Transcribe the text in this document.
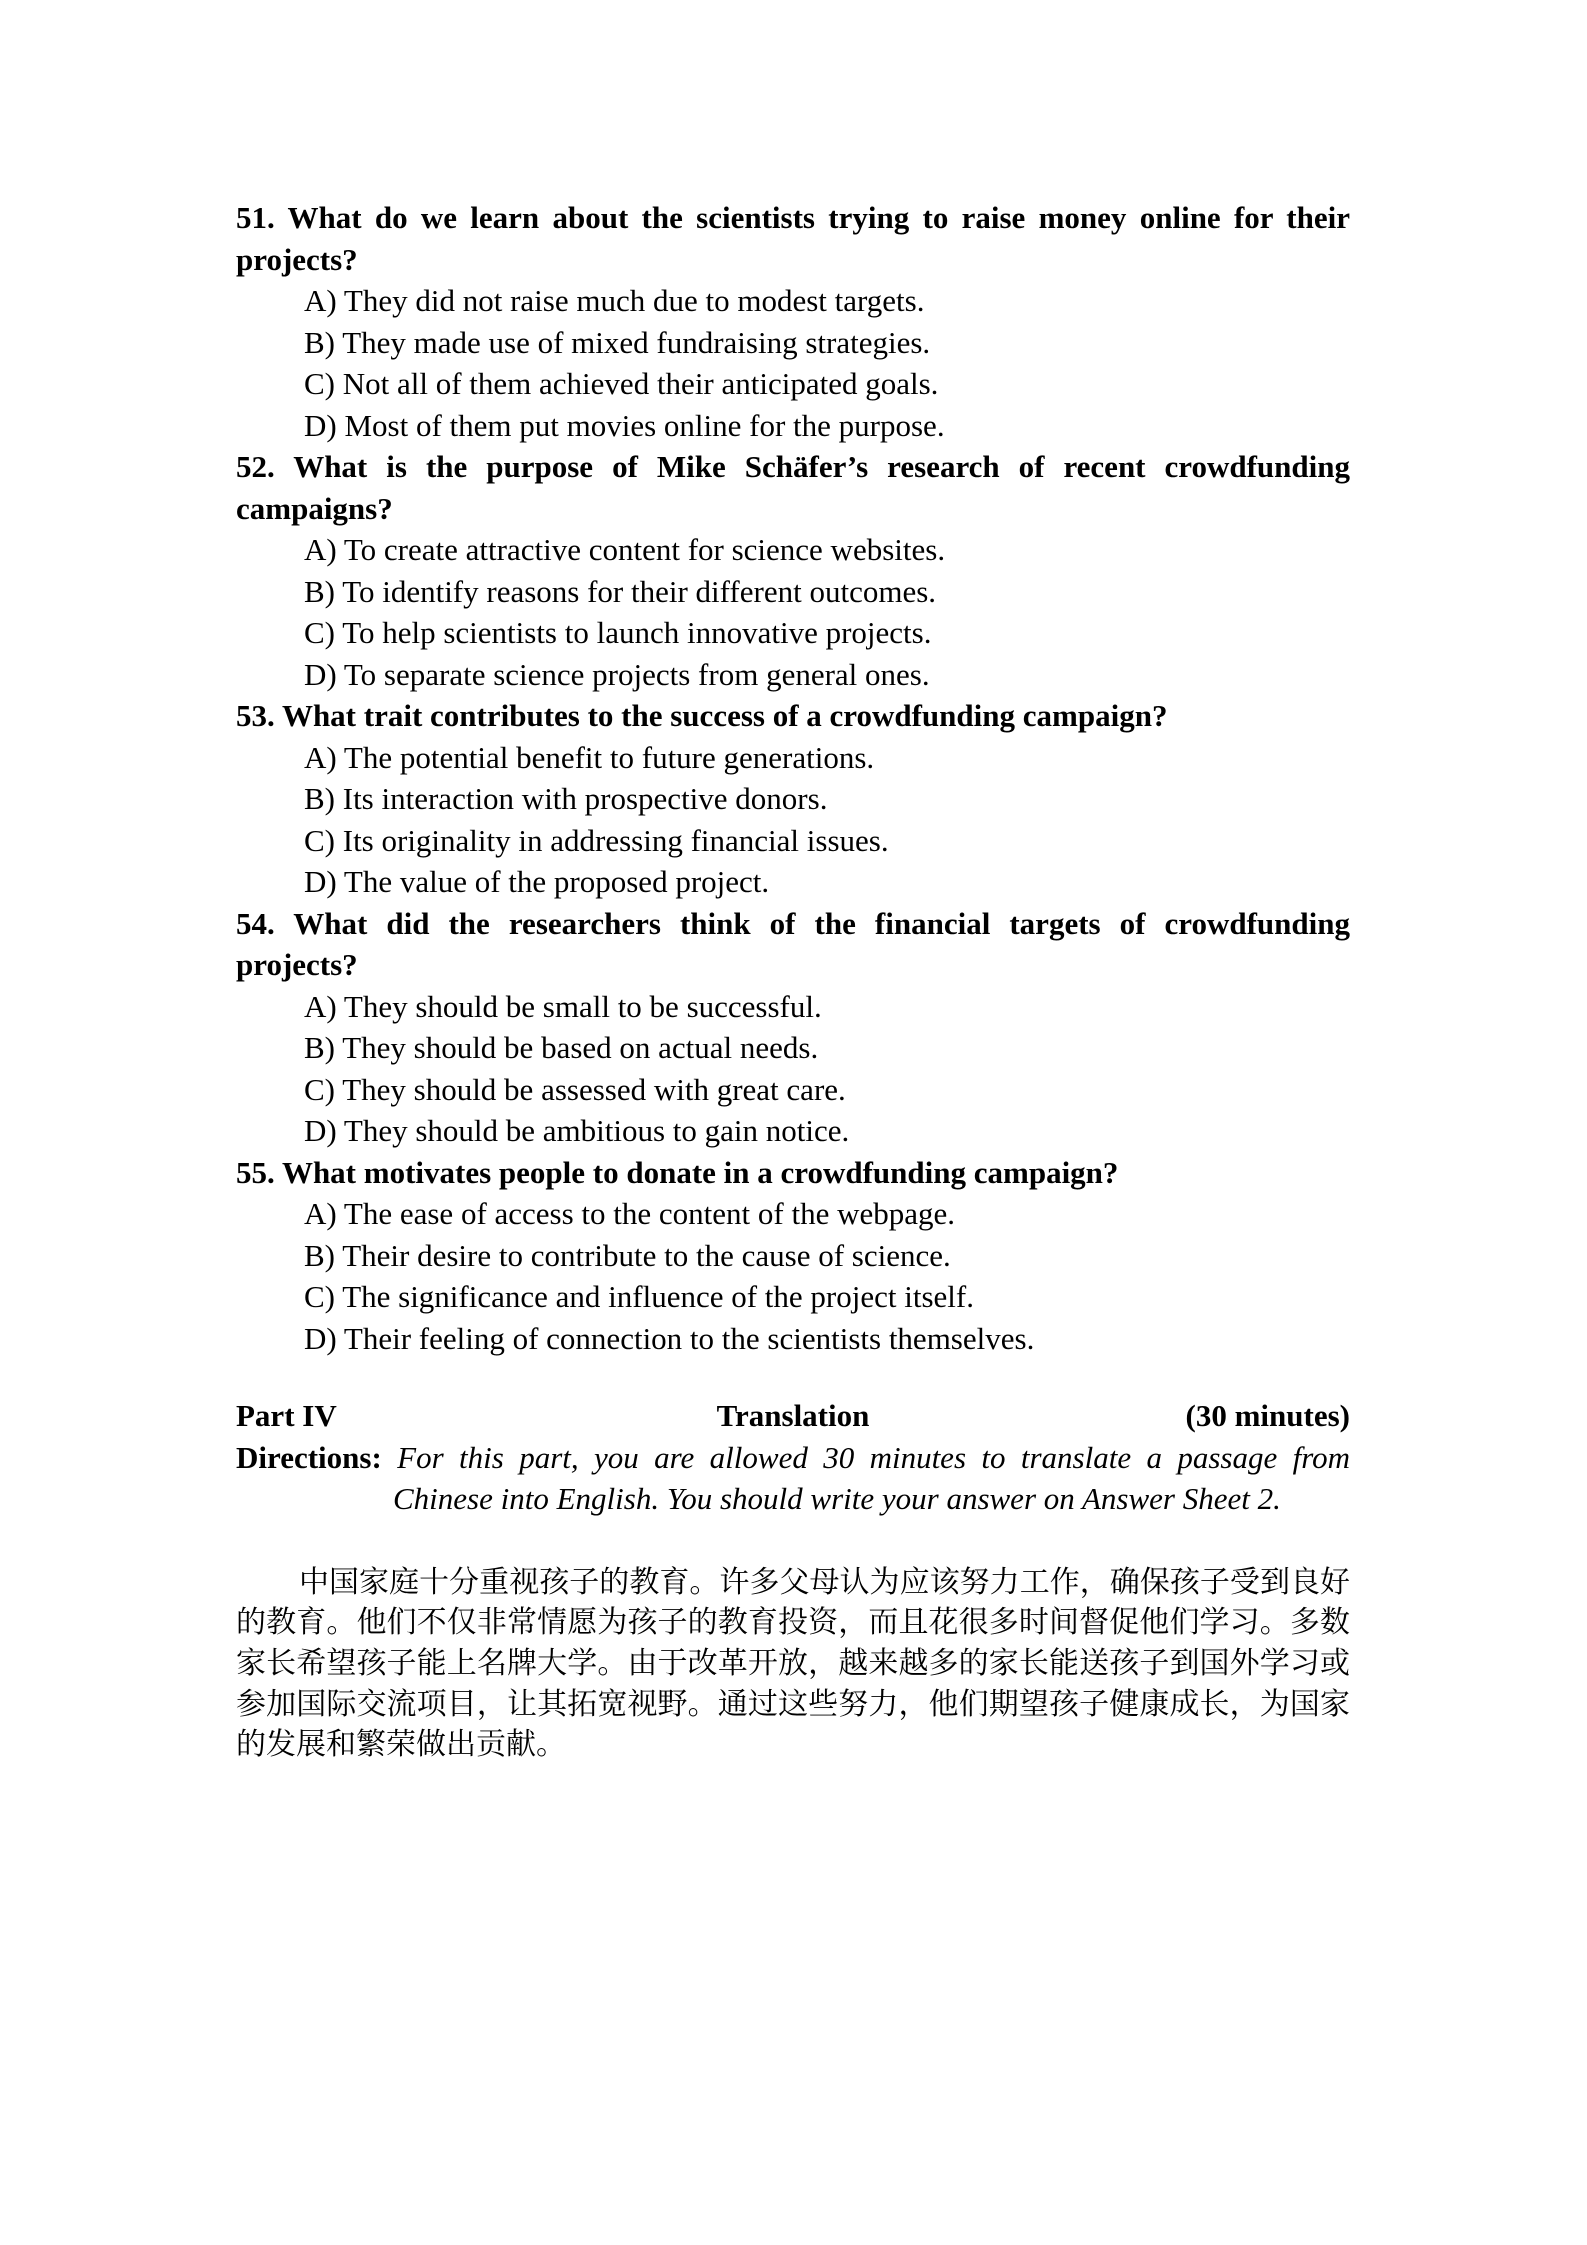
51. What do we learn about the scientists trying to raise money online for their projects?
A) They did not raise much due to modest targets.
B) They made use of mixed fundraising strategies.
C) Not all of them achieved their anticipated goals.
D) Most of them put movies online for the purpose.
52. What is the purpose of Mike Schäfer’s research of recent crowdfunding campaigns?
A) To create attractive content for science websites.
B) To identify reasons for their different outcomes.
C) To help scientists to launch innovative projects.
D) To separate science projects from general ones.
53. What trait contributes to the success of a crowdfunding campaign?
A) The potential benefit to future generations.
B) Its interaction with prospective donors.
C) Its originality in addressing financial issues.
D) The value of the proposed project.
54. What did the researchers think of the financial targets of crowdfunding projects?
A) They should be small to be successful.
B) They should be based on actual needs.
C) They should be assessed with great care.
D) They should be ambitious to gain notice.
55. What motivates people to donate in a crowdfunding campaign?
A) The ease of access to the content of the webpage.
B) Their desire to contribute to the cause of science.
C) The significance and influence of the project itself.
D) Their feeling of connection to the scientists themselves.
Part IV	Translation	(30 minutes)
Directions: For this part, you are allowed 30 minutes to translate a passage from Chinese into English. You should write your answer on Answer Sheet 2.
中国家庭十分重视孩子的教育。许多父母认为应该努力工作，确保孩子受到良好的教育。他们不仅非常情愿为孩子的教育投资，而且花很多时间督促他们学习。多数家长希望孩子能上名牌大学。由于改革开放，越来越多的家长能送孩子到国外学习或参加国际交流项目，让其拓宽视野。通过这些努力，他们期望孩子健康成长，为国家的发展和繁荣做出贡献。
